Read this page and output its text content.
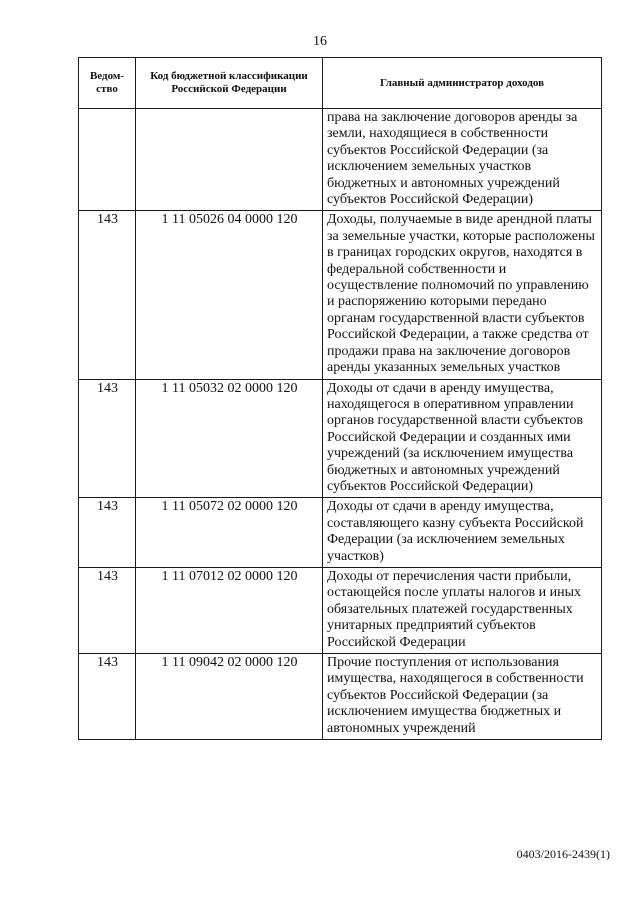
16
Ведом-ство	Код бюджетной классификации Российской Федерации	Главный администратор доходов
		права на заключение договоров аренды за земли, находящиеся в собственности субъектов Российской Федерации (за исключением земельных участков бюджетных и автономных учреждений субъектов Российской Федерации)
143	1 11 05026 04 0000 120	Доходы, получаемые в виде арендной платы за земельные участки, которые расположены в границах городских округов, находятся в федеральной собственности и осуществление полномочий по управлению и распоряжению которыми передано органам государственной власти субъектов Российской Федерации, а также средства от продажи права на заключение договоров аренды указанных земельных участков
143	1 11 05032 02 0000 120	Доходы от сдачи в аренду имущества, находящегося в оперативном управлении органов государственной власти субъектов Российской Федерации и созданных ими учреждений (за исключением имущества бюджетных и автономных учреждений субъектов Российской Федерации)
143	1 11 05072 02 0000 120	Доходы от сдачи в аренду имущества, составляющего казну субъекта Российской Федерации (за исключением земельных участков)
143	1 11 07012 02 0000 120	Доходы от перечисления части прибыли, остающейся после уплаты налогов и иных обязательных платежей государственных унитарных предприятий субъектов Российской Федерации
143	1 11 09042 02 0000 120	Прочие поступления от использования имущества, находящегося в собственности субъектов Российской Федерации (за исключением имущества бюджетных и автономных учреждений
0403/2016-2439(1)
